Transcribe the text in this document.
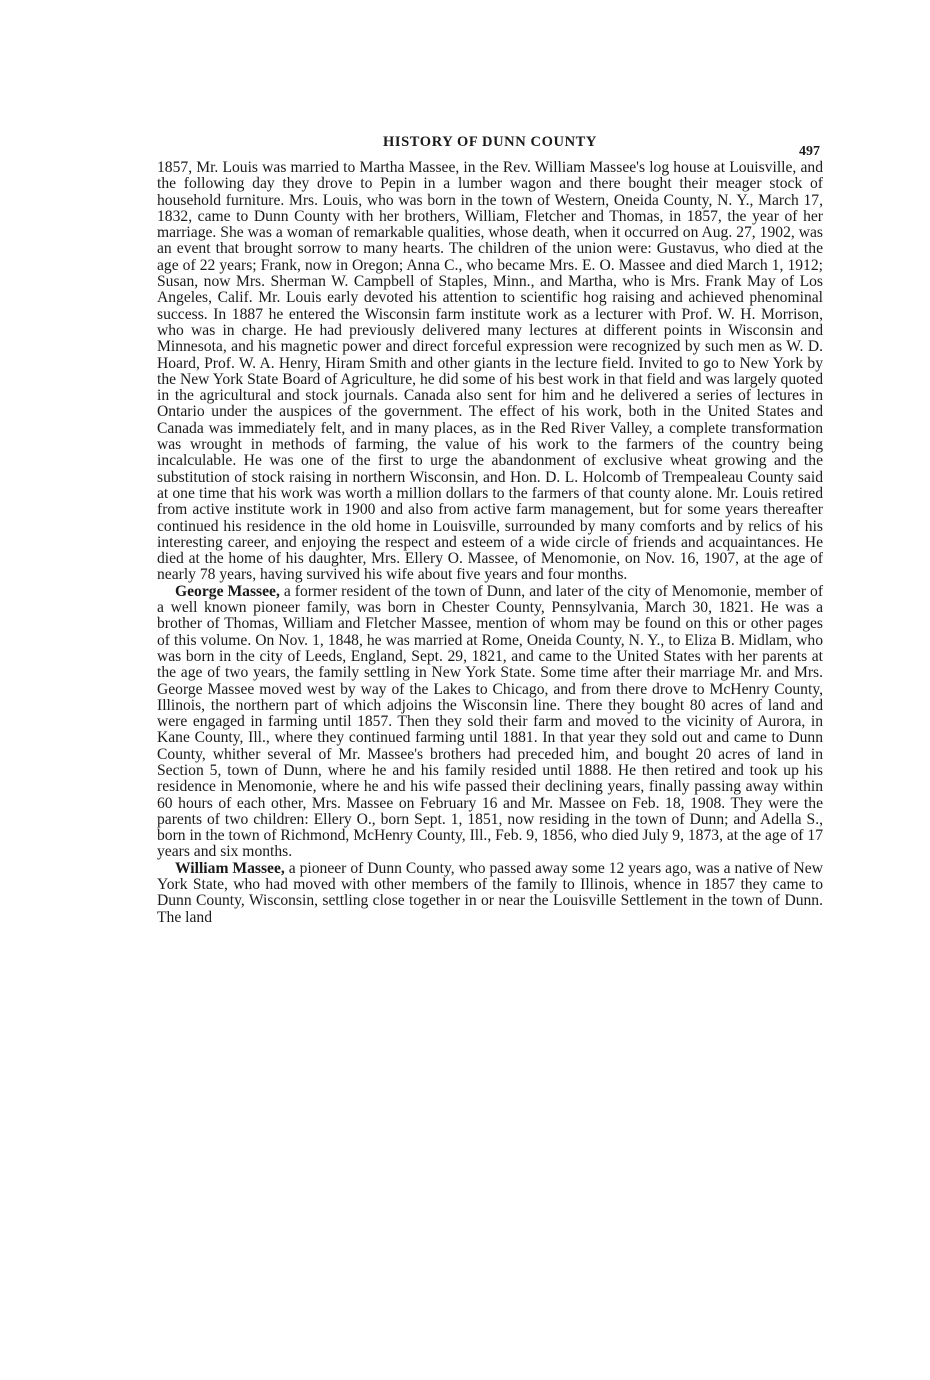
HISTORY OF DUNN COUNTY
497

1857, Mr. Louis was married to Martha Massee, in the Rev. William Massee's log house at Louisville, and the following day they drove to Pepin in a lumber wagon and there bought their meager stock of household furniture. Mrs. Louis, who was born in the town of Western, Oneida County, N. Y., March 17, 1832, came to Dunn County with her brothers, William, Fletcher and Thomas, in 1857, the year of her marriage. She was a woman of remarkable qualities, whose death, when it occurred on Aug. 27, 1902, was an event that brought sorrow to many hearts. The children of the union were: Gustavus, who died at the age of 22 years; Frank, now in Oregon; Anna C., who became Mrs. E. O. Massee and died March 1, 1912; Susan, now Mrs. Sherman W. Campbell of Staples, Minn., and Martha, who is Mrs. Frank May of Los Angeles, Calif. Mr. Louis early devoted his attention to scientific hog raising and achieved phenominal success. In 1887 he entered the Wisconsin farm institute work as a lecturer with Prof. W. H. Morrison, who was in charge. He had previously delivered many lectures at different points in Wisconsin and Minnesota, and his magnetic power and direct forceful expression were recognized by such men as W. D. Hoard, Prof. W. A. Henry, Hiram Smith and other giants in the lecture field. Invited to go to New York by the New York State Board of Agriculture, he did some of his best work in that field and was largely quoted in the agricultural and stock journals. Canada also sent for him and he delivered a series of lectures in Ontario under the auspices of the government. The effect of his work, both in the United States and Canada was immediately felt, and in many places, as in the Red River Valley, a complete transformation was wrought in methods of farming, the value of his work to the farmers of the country being incalculable. He was one of the first to urge the abandonment of exclusive wheat growing and the substitution of stock raising in northern Wisconsin, and Hon. D. L. Holcomb of Trempealeau County said at one time that his work was worth a million dollars to the farmers of that county alone. Mr. Louis retired from active institute work in 1900 and also from active farm management, but for some years thereafter continued his residence in the old home in Louisville, surrounded by many comforts and by relics of his interesting career, and enjoying the respect and esteem of a wide circle of friends and acquaintances. He died at the home of his daughter, Mrs. Ellery O. Massee, of Menomonie, on Nov. 16, 1907, at the age of nearly 78 years, having survived his wife about five years and four months.

George Massee, a former resident of the town of Dunn, and later of the city of Menomonie, member of a well known pioneer family, was born in Chester County, Pennsylvania, March 30, 1821. He was a brother of Thomas, William and Fletcher Massee, mention of whom may be found on this or other pages of this volume. On Nov. 1, 1848, he was married at Rome, Oneida County, N. Y., to Eliza B. Midlam, who was born in the city of Leeds, England, Sept. 29, 1821, and came to the United States with her parents at the age of two years, the family settling in New York State. Some time after their marriage Mr. and Mrs. George Massee moved west by way of the Lakes to Chicago, and from there drove to McHenry County, Illinois, the northern part of which adjoins the Wisconsin line. There they bought 80 acres of land and were engaged in farming until 1857. Then they sold their farm and moved to the vicinity of Aurora, in Kane County, Ill., where they continued farming until 1881. In that year they sold out and came to Dunn County, whither several of Mr. Massee's brothers had preceded him, and bought 20 acres of land in Section 5, town of Dunn, where he and his family resided until 1888. He then retired and took up his residence in Menomonie, where he and his wife passed their declining years, finally passing away within 60 hours of each other, Mrs. Massee on February 16 and Mr. Massee on Feb. 18, 1908. They were the parents of two children: Ellery O., born Sept. 1, 1851, now residing in the town of Dunn; and Adella S., born in the town of Richmond, McHenry County, Ill., Feb. 9, 1856, who died July 9, 1873, at the age of 17 years and six months.

William Massee, a pioneer of Dunn County, who passed away some 12 years ago, was a native of New York State, who had moved with other members of the family to Illinois, whence in 1857 they came to Dunn County, Wisconsin, settling close together in or near the Louisville Settlement in the town of Dunn. The land
